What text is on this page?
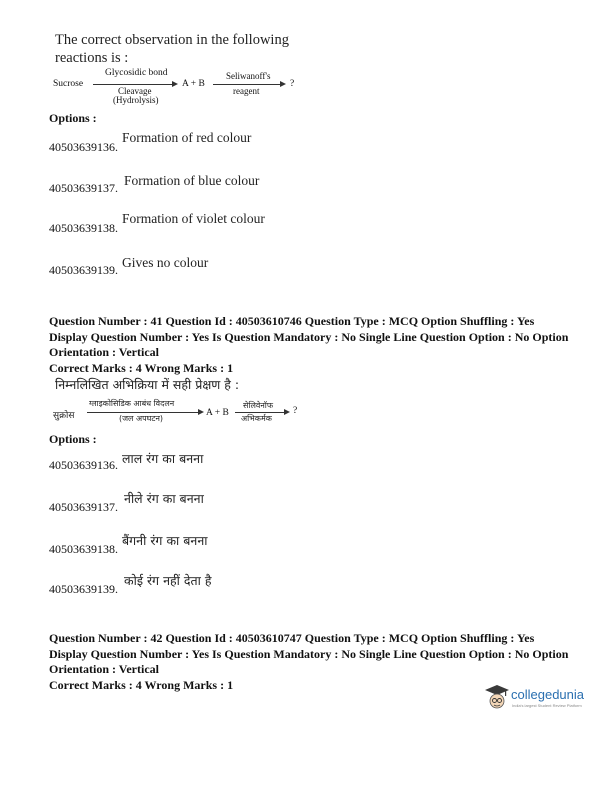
The correct observation in the following
reactions is :
Sucrose
Glycosidic bond
Cleavage
(Hydrolysis)
A + B
Seliwanoff's
reagent
?
Options :
40503639136.
Formation of red colour
40503639137. Formation of blue colour
40503639138.
Formation of violet colour
40503639139. Gives no colour
Question Number : 41 Question Id : 40503610746 Question Type : MCQ Option Shuffling : Yes
Display Question Number : Yes Is Question Mandatory : No Single Line Question Option : No Option
Orientation : Vertical
Correct Marks : 4 Wrong Marks : 1
निम्नलिखित अभिक्रिया में सही प्रेक्षण है :
सुक्रोस
ग्लाइकोसिडिक आबंध विदलन
(जल अपघटन)
A + B
सेलिवेनॉफ
अभिकर्मक
?
Options :
40503639136. लाल रंग का बनना
40503639137.
नीले रंग का बनना
40503639138.
बैंगनी रंग का बनना
40503639139.
कोई रंग नहीं देता है
Question Number : 42 Question Id : 40503610747 Question Type : MCQ Option Shuffling : Yes
Display Question Number : Yes Is Question Mandatory : No Single Line Question Option : No Option
Orientation : Vertical
Correct Marks : 4 Wrong Marks : 1
collegedunia
India's largest Student Review Platform
